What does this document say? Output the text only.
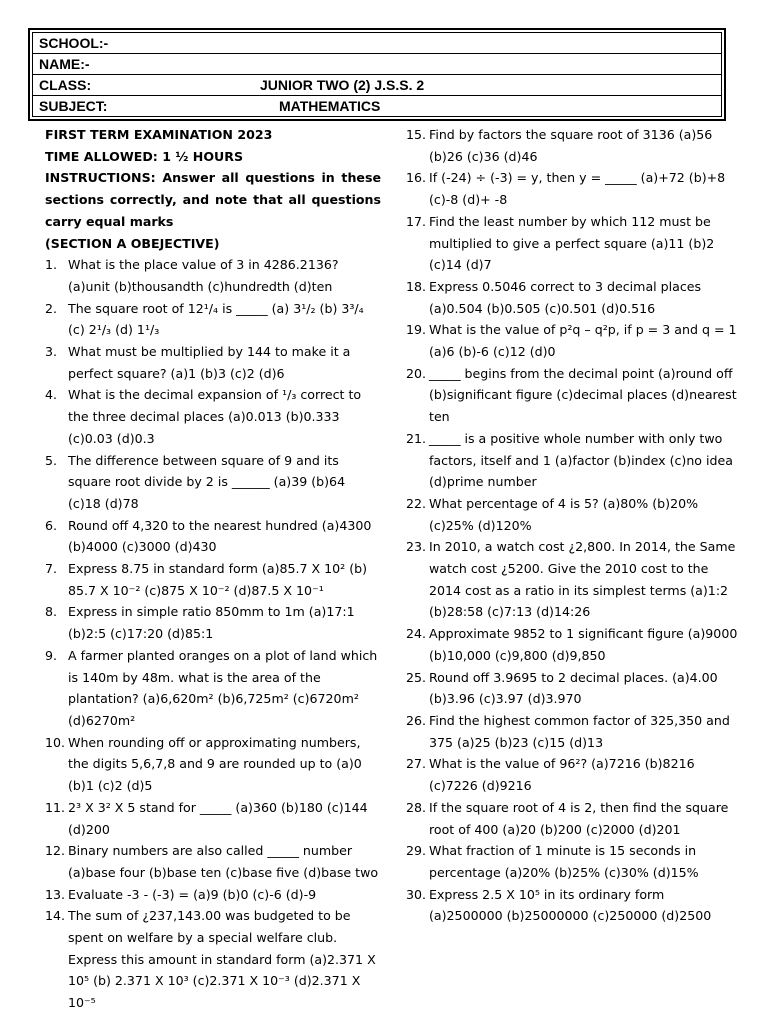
SCHOOL:-
NAME:-
CLASS:	JUNIOR TWO (2) J.S.S. 2

SUBJECT:	MATHEMATICS
FIRST TERM EXAMINATION 2023
TIME ALLOWED: 1 ½ HOURS
INSTRUCTIONS: Answer all questions in these sections correctly, and note that all questions carry equal marks
(SECTION A OBEJECTIVE)
1. What is the place value of 3 in 4286.2136? (a)unit (b)thousandth (c)hundredth (d)ten
2. The square root of 12¹/₄ is _____ (a) 3¹/₂ (b) 3³/₄ (c) 2¹/₃ (d) 1¹/₃
3. What must be multiplied by 144 to make it a perfect square? (a)1 (b)3 (c)2 (d)6
4. What is the decimal expansion of ¹/₃ correct to the three decimal places (a)0.013 (b)0.333 (c)0.03 (d)0.3
5. The difference between square of 9 and its square root divide by 2 is ______ (a)39 (b)64 (c)18 (d)78
6. Round off 4,320 to the nearest hundred (a)4300 (b)4000 (c)3000 (d)430
7. Express 8.75 in standard form (a)85.7 X 10² (b) 85.7 X 10⁻² (c)875 X 10⁻² (d)87.5 X 10⁻¹
8. Express in simple ratio 850mm to 1m (a)17:1 (b)2:5 (c)17:20 (d)85:1
9. A farmer planted oranges on a plot of land which is 140m by 48m. what is the area of the plantation? (a)6,620m² (b)6,725m² (c)6720m² (d)6270m²
10. When rounding off or approximating numbers, the digits 5,6,7,8 and 9 are rounded up to (a)0 (b)1 (c)2 (d)5
11. 2³ X 3² X 5 stand for _____ (a)360 (b)180 (c)144 (d)200
12. Binary numbers are also called _____ number (a)base four (b)base ten (c)base five (d)base two
13. Evaluate -3 - (-3) = (a)9 (b)0 (c)-6 (d)-9
14. The sum of ¿237,143.00 was budgeted to be spent on welfare by a special welfare club. Express this amount in standard form (a)2.371 X 10⁵ (b) 2.371 X 10³ (c)2.371 X 10⁻³ (d)2.371 X 10⁻⁵
15. Find by factors the square root of 3136 (a)56 (b)26 (c)36 (d)46
16. If (-24) ÷ (-3) = y, then y = _____ (a)+72 (b)+8 (c)-8 (d)+ -8
17. Find the least number by which 112 must be multiplied to give a perfect square (a)11 (b)2 (c)14 (d)7
18. Express 0.5046 correct to 3 decimal places (a)0.504 (b)0.505 (c)0.501 (d)0.516
19. What is the value of p²q – q²p, if p = 3 and q = 1 (a)6 (b)-6 (c)12 (d)0
20. _____ begins from the decimal point (a)round off (b)significant figure (c)decimal places (d)nearest ten
21. _____ is a positive whole number with only two factors, itself and 1 (a)factor (b)index (c)no idea (d)prime number
22. What percentage of 4 is 5? (a)80% (b)20% (c)25% (d)120%
23. In 2010, a watch cost ¿2,800. In 2014, the Same watch cost ¿5200. Give the 2010 cost to the 2014 cost as a ratio in its simplest terms (a)1:2 (b)28:58 (c)7:13 (d)14:26
24. Approximate 9852 to 1 significant figure (a)9000 (b)10,000 (c)9,800 (d)9,850
25. Round off 3.9695 to 2 decimal places. (a)4.00 (b)3.96 (c)3.97 (d)3.970
26. Find the highest common factor of 325,350 and 375 (a)25 (b)23 (c)15 (d)13
27. What is the value of 96²? (a)7216 (b)8216 (c)7226 (d)9216
28. If the square root of 4 is 2, then find the square root of 400 (a)20 (b)200 (c)2000 (d)201
29. What fraction of 1 minute is 15 seconds in percentage (a)20% (b)25% (c)30% (d)15%
30. Express 2.5 X 10⁵ in its ordinary form (a)2500000 (b)25000000 (c)250000 (d)2500
